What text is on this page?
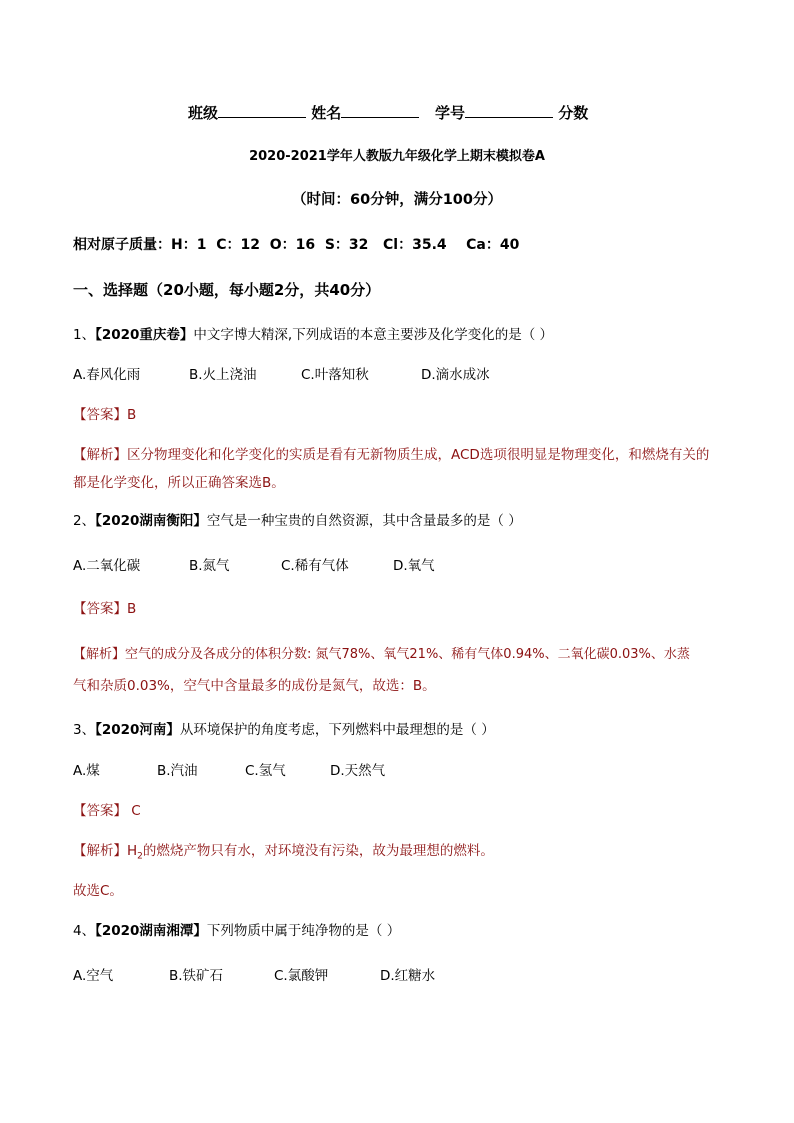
班级	姓名	学号	分数
2020-2021学年人教版九年级化学上期末模拟卷A
（时间：60分钟，满分100分）
相对原子质量：H：1  C：12  O：16  S：32   Cl：35.4    Ca：40
一、选择题（20小题，每小题2分，共40分）
1、【2020重庆卷】中文字博大精深,下列成语的本意主要涉及化学变化的是（ ）
A.春风化雨	B.火上浇油	C.叶落知秋	D.滴水成冰
【答案】B
【解析】区分物理变化和化学变化的实质是看有无新物质生成，ACD选项很明显是物理变化，和燃烧有关的
都是化学变化，所以正确答案选B。
2、【2020湖南衡阳】空气是一种宝贵的自然资源，其中含量最多的是（ ）
A.二氧化碳	B.氮气	C.稀有气体	D.氧气
【答案】B
【解析】空气的成分及各成分的体积分数: 氮气78%、氧气21%、稀有气体0.94%、二氧化碳0.03%、水蒸
气和杂质0.03%，空气中含量最多的成份是氮气，故选：B。
3、【2020河南】从环境保护的角度考虑，下列燃料中最理想的是（ ）
A.煤	B.汽油	C.氢气	D.天然气
【答案】 C
【解析】$H_2$的燃烧产物只有水，对环境没有污染，故为最理想的燃料。
故选C。
4、【2020湖南湘潭】下列物质中属于纯净物的是（ ）
A.空气	B.铁矿石	C.氯酸钾	D.红糖水
